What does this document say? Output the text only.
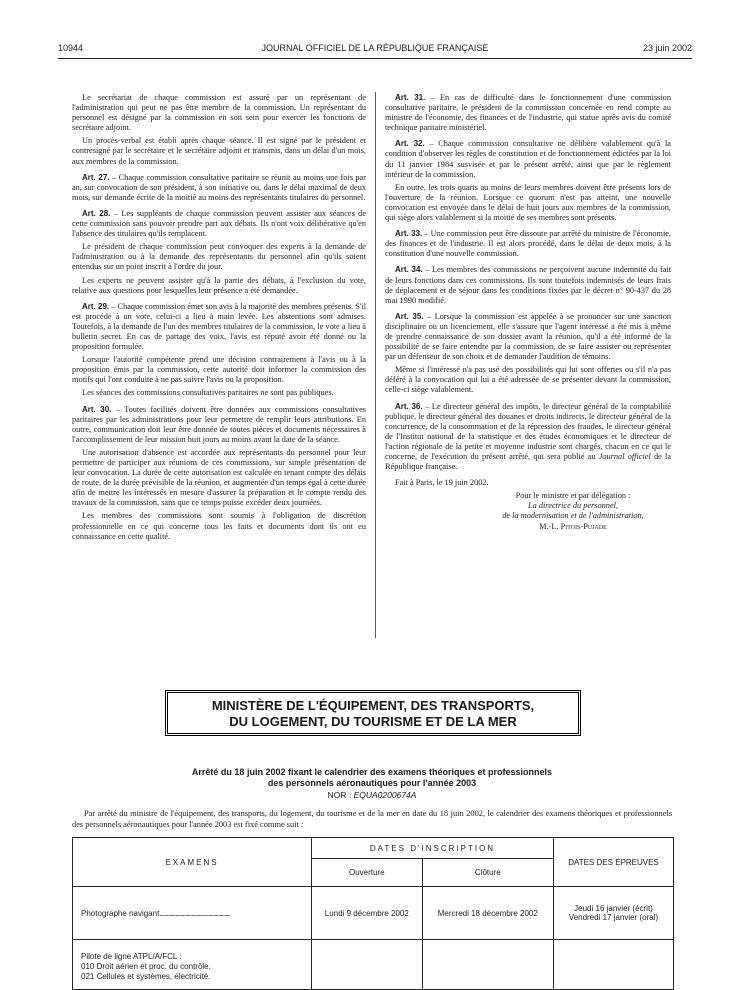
10944	JOURNAL OFFICIEL DE LA RÉPUBLIQUE FRANÇAISE	23 juin 2002

Le secrétariat de chaque commission est assuré par un représentant de l'administration qui peut ne pas être membre de la commission. Un représentant du personnel est désigné par la commission en son sein pour exercer les fonctions de secrétaire adjoint.

Un procès-verbal est établi après chaque séance. Il est signé par le président et contresigné par le secrétaire et le secrétaire adjoint et transmis, dans un délai d'un mois, aux membres de la commission.

Art. 27. – Chaque commission consultative paritaire se réunit au moins une fois par an, sur convocation de son président, à son initiative ou, dans le délai maximal de deux mois, sur demande écrite de la moitié au moins des représentants titulaires du personnel.

Art. 28. – Les suppléants de chaque commission peuvent assister aux séances de cette commission sans pouvoir prendre part aux débats. Ils n'ont voix délibérative qu'en l'absence des titulaires qu'ils remplacent.

Le président de chaque commission peut convoquer des experts à la demande de l'administration ou à la demande des représentants du personnel afin qu'ils soient entendus sur un point inscrit à l'ordre du jour.

Les experts ne peuvent assister qu'à la partie des débats, à l'exclusion du vote, relative aux questions pour lesquelles leur présence a été demandée.

Art. 29. – Chaque commission émet son avis à la majorité des membres présents. S'il est procédé à un vote, celui-ci a lieu à main levée. Les abstentions sont admises. Toutefois, à la demande de l'un des membres titulaires de la commission, le vote a lieu à bulletin secret. En cas de partage des voix, l'avis est réputé avoir été donné ou la proposition formulée.

Lorsque l'autorité compétente prend une décision contrairement à l'avis ou à la proposition émis par la commission, cette autorité doit informer la commission des motifs qui l'ont conduite à ne pas suivre l'avis ou la proposition.

Les séances des commissions consultatives paritaires ne sont pas publiques.

Art. 30. – Toutes facilités doivent être données aux commissions consultatives paritaires par les administrations pour leur permettre de remplir leurs attributions. En outre, communication doit leur être donnée de toutes pièces et documents nécessaires à l'accomplissement de leur mission huit jours au moins avant la date de la séance.

Une autorisation d'absence est accordée aux représentants du personnel pour leur permettre de participer aux réunions de ces commissions, sur simple présentation de leur convocation. La durée de cette autorisation est calculée en tenant compte des délais de route, de la durée prévisible de la réunion, et augmentée d'un temps égal à cette durée afin de mettre les intéressés en mesure d'assurer la préparation et le compte rendu des travaux de la commission, sans que ce temps puisse excéder deux journées.

Les membres des commissions sont soumis à l'obligation de discrétion professionnelle en ce qui concerne tous les faits et documents dont ils ont eu connaissance en cette qualité.

Art. 31. – En cas de difficulté dans le fonctionnement d'une commission consultative paritaire, le président de la commission concernée en rend compte au ministre de l'économie, des finances et de l'industrie, qui statue après avis du comité technique paritaire ministériel.

Art. 32. – Chaque commission consultative ne délibère valablement qu'à la condition d'observer les règles de constitution et de fonctionnement édictées par la loi du 11 janvier 1984 susvisée et par le présent arrêté, ainsi que par le règlement intérieur de la commission.

En outre, les trois quarts au moins de leurs membres doivent être présents lors de l'ouverture de la réunion. Lorsque ce quorum n'est pas atteint, une nouvelle convocation est envoyée dans le délai de huit jours aux membres de la commission, qui siège alors valablement si la moitié de ses membres sont présents.

Art. 33. – Une commission peut être dissoute par arrêté du ministre de l'économie, des finances et de l'industrie. Il est alors procédé, dans le délai de deux mois, à la constitution d'une nouvelle commission.

Art. 34. – Les membres des commissions ne perçoivent aucune indemnité du fait de leurs fonctions dans ces commissions. Ils sont toutefois indemnisés de leurs frais de déplacement et de séjour dans les conditions fixées par le décret n° 90-437 du 28 mai 1990 modifié.

Art. 35. – Lorsque la commission est appelée à se prononcer sur une sanction disciplinaire ou un licenciement, elle s'assure que l'agent intéressé a été mis à même de prendre connaissance de son dossier avant la réunion, qu'il a été informé de la possibilité de se faire entendre par la commission, de se faire assister ou représenter par un défenseur de son choix et de demander l'audition de témoins.

Même si l'intéressé n'a pas usé des possibilités qui lui sont offertes ou s'il n'a pas déféré à la convocation qui lui a été adressée de se présenter devant la commission, celle-ci siège valablement.

Art. 36. – Le directeur général des impôts, le directeur général de la comptabilité publique, le directeur général des douanes et droits indirects, le directeur général de la concurrence, de la consommation et de la répression des fraudes, le directeur général de l'Institut national de la statistique et des études économiques et le directeur de l'action régionale de la petite et moyenne industrie sont chargés, chacun en ce qui le concerne, de l'exécution du présent arrêté, qui sera publié au Journal officiel de la République française.

Fait à Paris, le 19 juin 2002.

Pour le ministre et par délégation :

La directrice du personnel,

de la modernisation et de l'administration,

M.-L. Pitois-Pujade

MINISTÈRE DE L'ÉQUIPEMENT, DES TRANSPORTS,
DU LOGEMENT, DU TOURISME ET DE LA MER
Arrêté du 18 juin 2002 fixant le calendrier des examens théoriques et professionnels
des personnels aéronautiques pour l'année 2003
NOR : EQUA0200674A
Par arrêté du ministre de l'équipement, des transports, du logement, du tourisme et de la mer en date du 18 juin 2002, le calendrier des examens théoriques et professionnels des personnels aéronautiques pour l'année 2003 est fixé comme suit :
EXAMENS	DATES D'INSCRIPTION		DATES DES ÉPREUVES
	Ouverture	Clôture	
Photographe navigant..........................................................	Lundi 9 décembre 2002	Mercredi 18 décembre 2002	Jeudi 16 janvier (écrit)
Vendredi 17 janvier (oral)

Pilote de ligne ATPL/A/FCL :
010 Droit aérien et proc. du contrôle.
021 Cellules et systèmes, électricité.			
